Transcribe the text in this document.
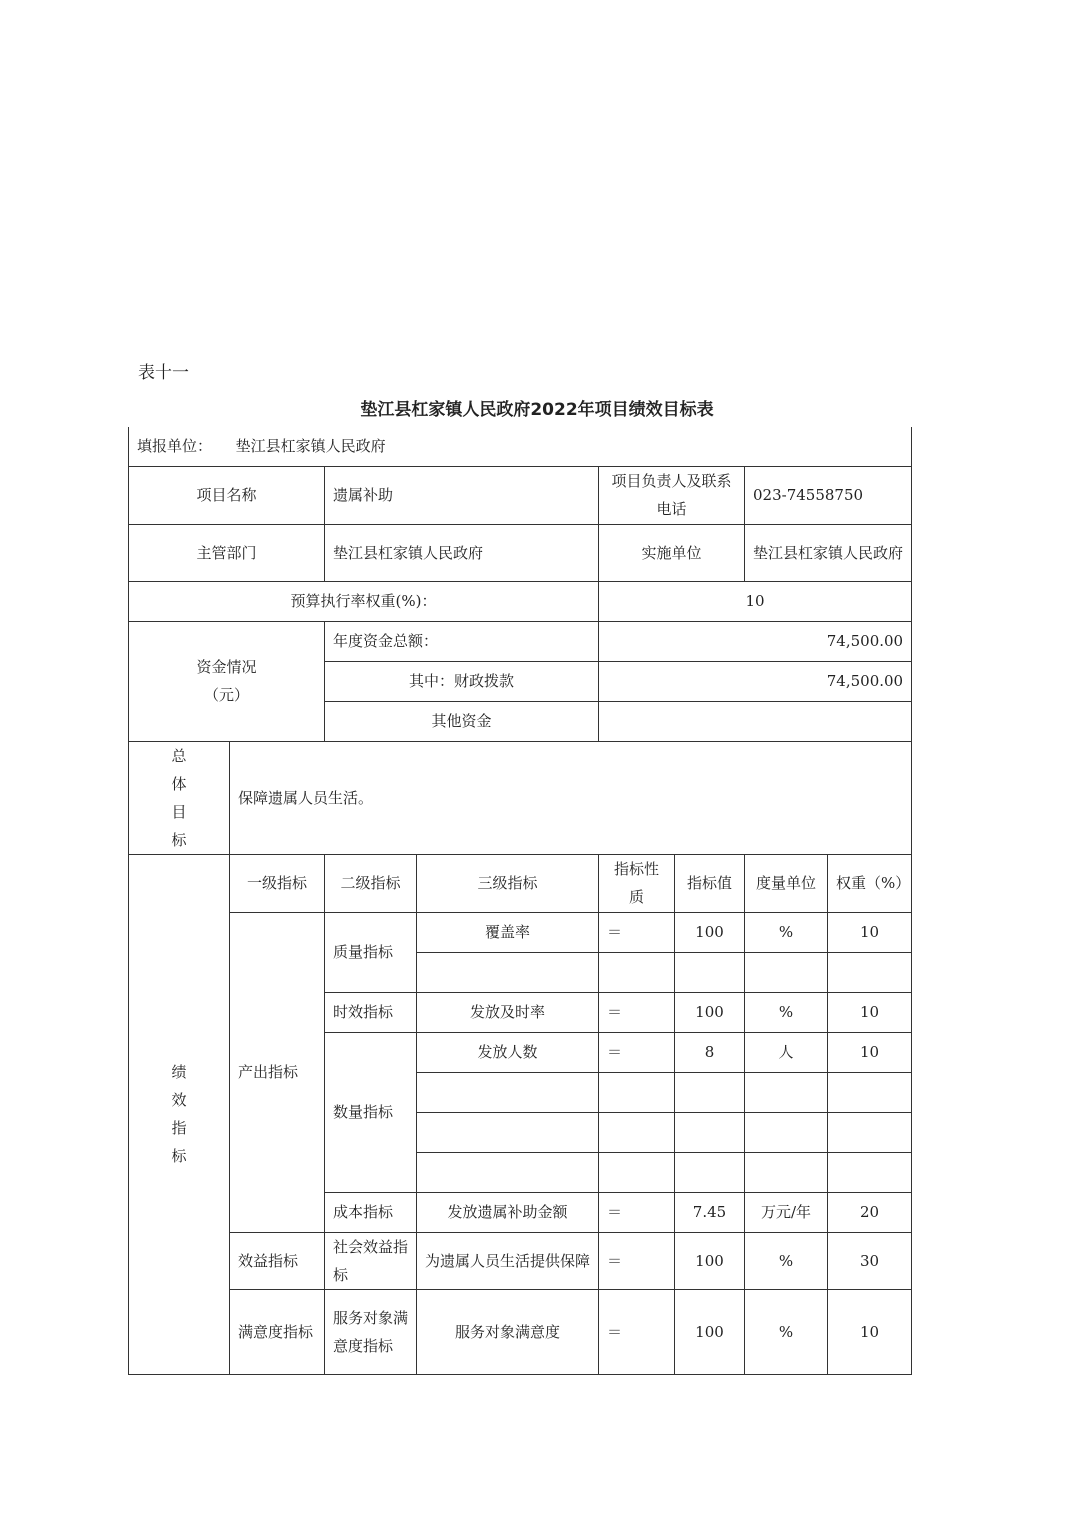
表十一
垫江县杠家镇人民政府2022年项目绩效目标表
填报单位： 垫江县杠家镇人民政府							
项目名称		遗属补助		项目负责人及联系电话		023-74558750	
主管部门		垫江县杠家镇人民政府		实施单位		垫江县杠家镇人民政府	
预算执行率权重(%)：				10			

资金情况
（元）		年度资金总额：		74,500.00			
		其中：财政拨款		74,500.00			
		其他资金					

总
体
目
标	保障遗属人员生活。						

绩
效
指
标	一级指标	二级指标	三级指标	指标性质	指标值	度量单位	权重（%）
	产出指标	质量指标	覆盖率	＝	100	%	10

		时效指标	发放及时率	＝	100	%	10
		数量指标	发放人数	＝	8	人	10

		成本指标	发放遗属补助金额	＝	7.45	万元/年	20
	效益指标	社会效益指标	为遗属人员生活提供保障	＝	100	%	30
	满意度指标	服务对象满意度指标	服务对象满意度	＝	100	%	10
